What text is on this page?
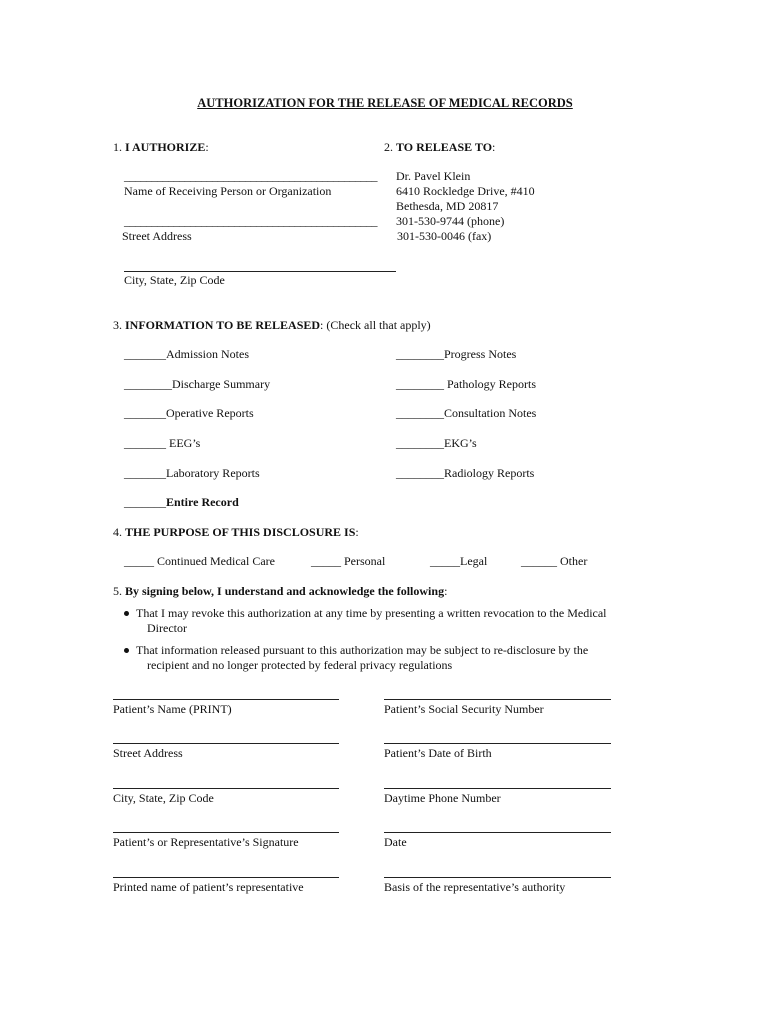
AUTHORIZATION FOR THE RELEASE OF MEDICAL RECORDS
1. I AUTHORIZE:
______________________________________________
Name of Receiving Person or Organization
______________________________________________
Street Address
City, State, Zip Code
2. TO RELEASE TO:
Dr. Pavel Klein
6410 Rockledge Drive, #410
Bethesda, MD 20817
301-530-9744 (phone)
301-530-0046 (fax)
3. INFORMATION TO BE RELEASED: (Check all that apply)
_______Admission Notes
________Discharge Summary
_______Operative Reports
_______ EEG’s
_______Laboratory Reports
________Progress Notes
________ Pathology Reports
________Consultation Notes
________EKG’s
________Radiology Reports
_______Entire Record
4. THE PURPOSE OF THIS DISCLOSURE IS:
_____ Continued Medical Care	_____ Personal	_____Legal	______ Other
5. By signing below, I understand and acknowledge the following:
That I may revoke this authorization at any time by presenting a written revocation to the Medical
Director
That information released pursuant to this authorization may be subject to re-disclosure by the
recipient and no longer protected by federal privacy regulations
Patient’s Name (PRINT)	Patient’s Social Security Number
Street Address	Patient’s Date of Birth
City, State, Zip Code	Daytime Phone Number
Patient’s or Representative’s Signature	Date
Printed name of patient’s representative	Basis of the representative’s authority
